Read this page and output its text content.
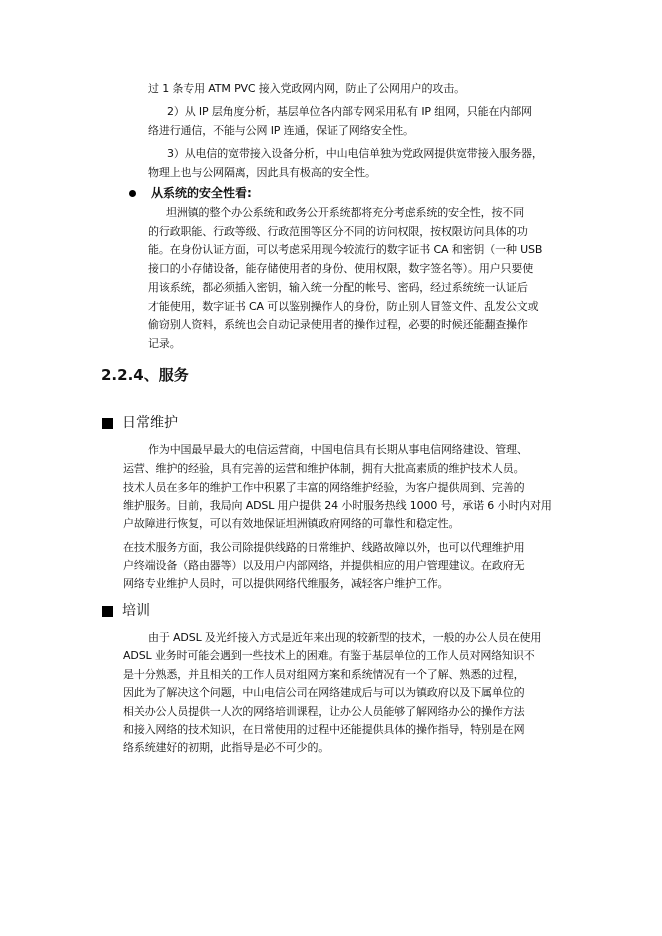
过 1 条专用 ATM PVC 接入党政网内网，防止了公网用户的攻击。
2）从 IP 层角度分析，基层单位各内部专网采用私有 IP 组网，只能在内部网
络进行通信，不能与公网 IP 连通，保证了网络安全性。
3）从电信的宽带接入设备分析，中山电信单独为党政网提供宽带接入服务器，
物理上也与公网隔离，因此具有极高的安全性。
从系统的安全性看:
坦洲镇的整个办公系统和政务公开系统都将充分考虑系统的安全性，按不同
的行政职能、行政等级、行政范围等区分不同的访问权限，按权限访问具体的功
能。在身份认证方面，可以考虑采用现今较流行的数字证书 CA 和密钥（一种 USB
接口的小存储设备，能存储使用者的身份、使用权限，数字签名等）。用户只要使
用该系统，都必须插入密钥，输入统一分配的帐号、密码，经过系统统一认证后
才能使用，数字证书 CA 可以鉴别操作人的身份，防止别人冒签文件、乱发公文或
偷窃别人资料，系统也会自动记录使用者的操作过程，必要的时候还能翻查操作
记录。
2.2.4、服务
日常维护
作为中国最早最大的电信运营商，中国电信具有长期从事电信网络建设、管理、
运营、维护的经验，具有完善的运营和维护体制，拥有大批高素质的维护技术人员。
技术人员在多年的维护工作中积累了丰富的网络维护经验，为客户提供周到、完善的
维护服务。目前，我局向 ADSL 用户提供 24 小时服务热线 1000 号，承诺 6 小时内对用
户故障进行恢复，可以有效地保证坦洲镇政府网络的可靠性和稳定性。
在技术服务方面，我公司除提供线路的日常维护、线路故障以外，也可以代理维护用
户终端设备（路由器等）以及用户内部网络，并提供相应的用户管理建议。在政府无
网络专业维护人员时，可以提供网络代维服务，减轻客户维护工作。
培训
由于 ADSL 及光纤接入方式是近年来出现的较新型的技术，一般的办公人员在使用
ADSL 业务时可能会遇到一些技术上的困难。有鉴于基层单位的工作人员对网络知识不
是十分熟悉，并且相关的工作人员对组网方案和系统情况有一个了解、熟悉的过程，
因此为了解决这个问题，中山电信公司在网络建成后与可以为镇政府以及下属单位的
相关办公人员提供一人次的网络培训课程，让办公人员能够了解网络办公的操作方法
和接入网络的技术知识，在日常使用的过程中还能提供具体的操作指导，特别是在网
络系统建好的初期，此指导是必不可少的。
